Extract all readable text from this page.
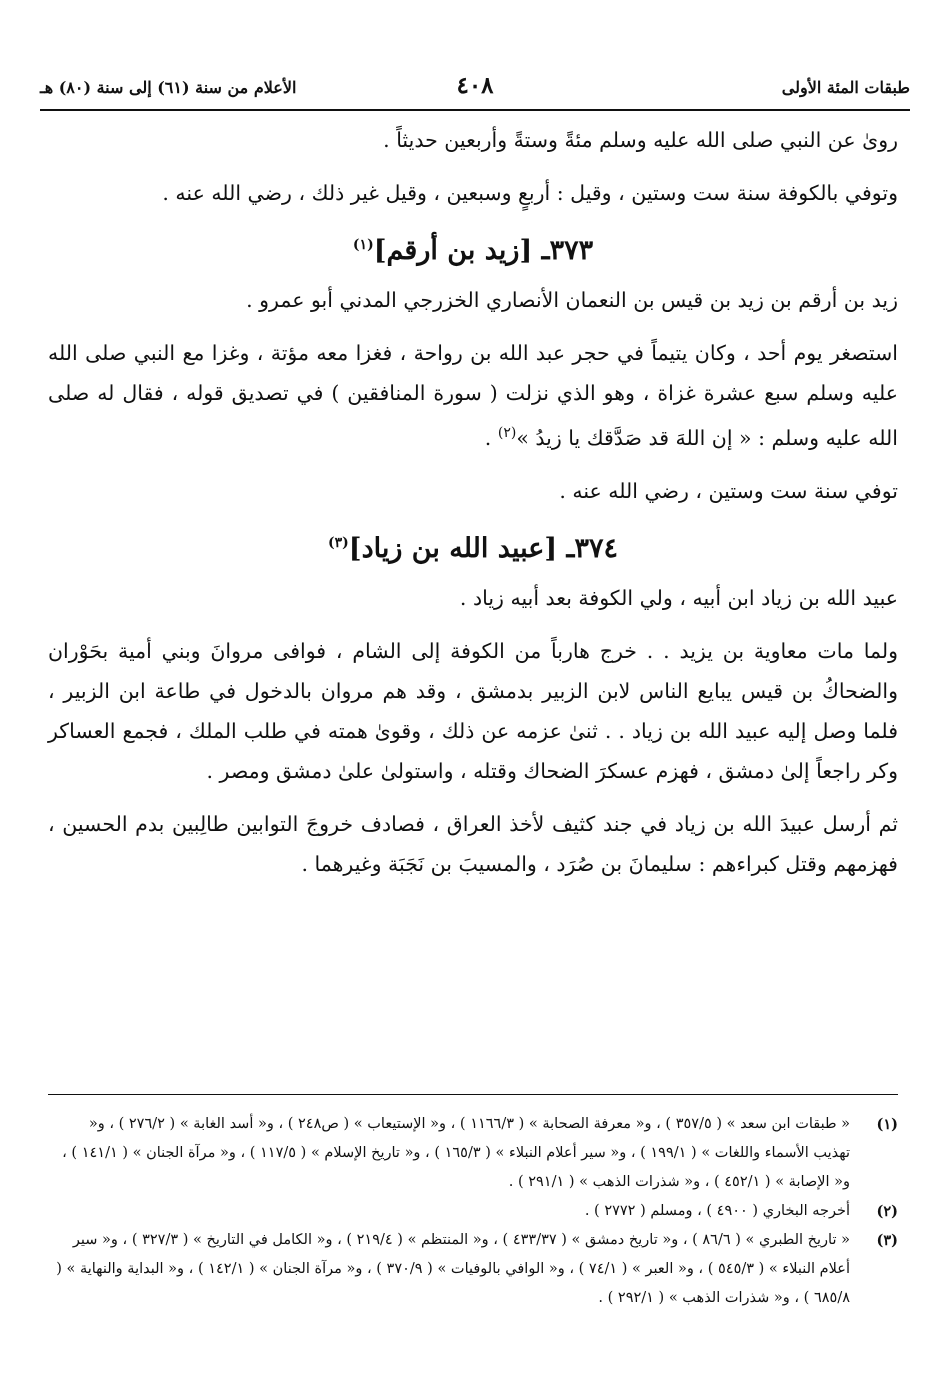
طبقات المئة الأولى
٤٠٨
الأعلام من سنة (٦١) إلى سنة (٨٠) هـ

رویٰ عن النبي صلى الله عليه وسلم مئةً وستةً وأربعين حديثاً .

وتوفي بالكوفة سنة ست وستين ، وقيل : أربعٍ وسبعين ، وقيل غير ذلك ، رضي الله عنه .

٣٧٣ـ [زيد بن أرقم]$^{(١)}$

زيد بن أرقم بن زيد بن قيس بن النعمان الأنصاري الخزرجي المدني أبو عمرو .

استصغر يوم أحد ، وكان يتيماً في حجر عبد الله بن رواحة ، فغزا معه مؤتة ، وغزا مع النبي صلى الله عليه وسلم سبع عشرة غزاة ، وهو الذي نزلت ( سورة المنافقين ) في تصديق قوله ، فقال له صلى الله عليه وسلم : « إن اللهَ قد صَدَّقك يا زيدُ »$^{(٢)}$ .

توفي سنة ست وستين ، رضي الله عنه .

٣٧٤ـ [عبيد الله بن زياد]$^{(٣)}$

عبيد الله بن زياد ابن أبيه ، ولي الكوفة بعد أبيه زياد .

ولما مات معاوية بن يزيد . . خرج هارباً من الكوفة إلى الشام ، فوافى مروانَ وبني أمية بحَوْران والضحاكُ بن قيس يبايع الناس لابن الزبير بدمشق ، وقد هم مروان بالدخول في طاعة ابن الزبير ، فلما وصل إليه عبيد الله بن زياد . . ثنىٰ عزمه عن ذلك ، وقوىٰ همته في طلب الملك ، فجمع العساكر وكر راجعاً إلىٰ دمشق ، فهزم عسكرَ الضحاك وقتله ، واستولىٰ علىٰ دمشق ومصر .

ثم أرسل عبيدَ الله بن زياد في جند كثيف لأخذ العراق ، فصادف خروجَ التوابين طالِبين بدم الحسين ، فهزمهم وقتل كبراءهم : سليمانَ بن صُرَد ، والمسيبَ بن نَجَبَة وغيرهما .

(١)
« طبقات ابن سعد » ( ٣٥٧/٥ ) ، و« معرفة الصحابة » ( ١١٦٦/٣ ) ، و« الإستيعاب » ( ص٢٤٨ ) ، و« أسد الغابة » ( ٢٧٦/٢ ) ، و« تهذيب الأسماء واللغات » ( ١٩٩/١ ) ، و« سير أعلام النبلاء » ( ١٦٥/٣ ) ، و« تاريخ الإسلام » ( ١١٧/٥ ) ، و« مرآة الجنان » ( ١٤١/١ ) ، و« الإصابة » ( ٤٥٢/١ ) ، و« شذرات الذهب » ( ٢٩١/١ ) .

(٢)
أخرجه البخاري ( ٤٩٠٠ ) ، ومسلم ( ٢٧٧٢ ) .

(٣)
« تاريخ الطبري » ( ٨٦/٦ ) ، و« تاريخ دمشق » ( ٤٣٣/٣٧ ) ، و« المنتظم » ( ٢١٩/٤ ) ، و« الكامل في التاريخ » ( ٣٢٧/٣ ) ، و« سير أعلام النبلاء » ( ٥٤٥/٣ ) ، و« العبر » ( ٧٤/١ ) ، و« الوافي بالوفيات » ( ٣٧٠/٩ ) ، و« مرآة الجنان » ( ١٤٢/١ ) ، و« البداية والنهاية » ( ٦٨٥/٨ ) ، و« شذرات الذهب » ( ٢٩٢/١ ) .
